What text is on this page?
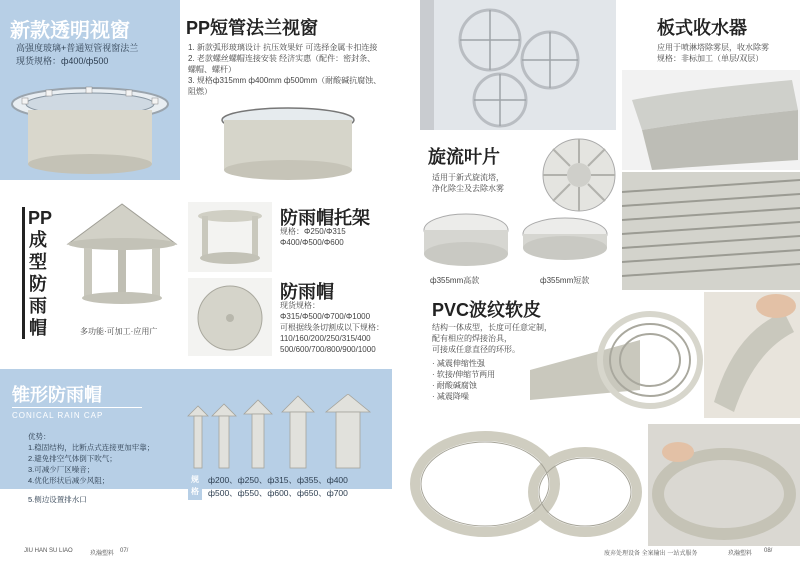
新款透明视窗
高强度玻璃+普通短管视窗法兰
现货规格：ф400/ф500
PP短管法兰视窗
1. 新款弧形玻璃设计 抗压效果好 可选择金属卡扣连接
2. 老款螺丝螺帽连接安装 经济实惠（配件：密封条、
螺帽、螺杆）
3. 规格ф315mm ф400mm ф500mm（耐酸碱抗腐蚀、
阻燃）
板式收水器
应用于喷淋塔除雾层，收水除雾
规格：非标加工（单层/双层）
旋流叶片
适用于新式旋流塔，
净化除尘及去除水雾
ф355mm高款	ф355mm短款
PP
成
型
防
雨
帽	多功能·可加工·应用广
防雨帽托架
规格：Φ250/Φ315
Φ400/Φ500/Φ600
防雨帽
现货规格：
Φ315/Φ500/Φ700/Φ1000
可根据线条切割成以下规格：
110/160/200/250/315/400
500/600/700/800/900/1000
PVC波纹软皮
结构一体成型，长度可任意定制，
配有相应的焊接治具，
可接成任意直径的环形。
· 减震伸缩性强
· 软接/伸缩节两用
· 耐酸碱腐蚀
· 减震降噪
锥形防雨帽
CONICAL RAIN CAP
优势：
1.稳固结构，比断点式连接更加牢靠；
2.避免排空气体倒下吹气；
3.可减少厂区噪音；
4.优化形状后减少风阻；
5.侧边设置排水口
规格
ф200、ф250、ф315、ф355、ф400
ф500、ф550、ф600、ф650、ф700
JIU HAN SU LIAO	玖瀚塑料 07/	废弃处理设备 全案输出 一站式服务	玖瀚塑料 08/
